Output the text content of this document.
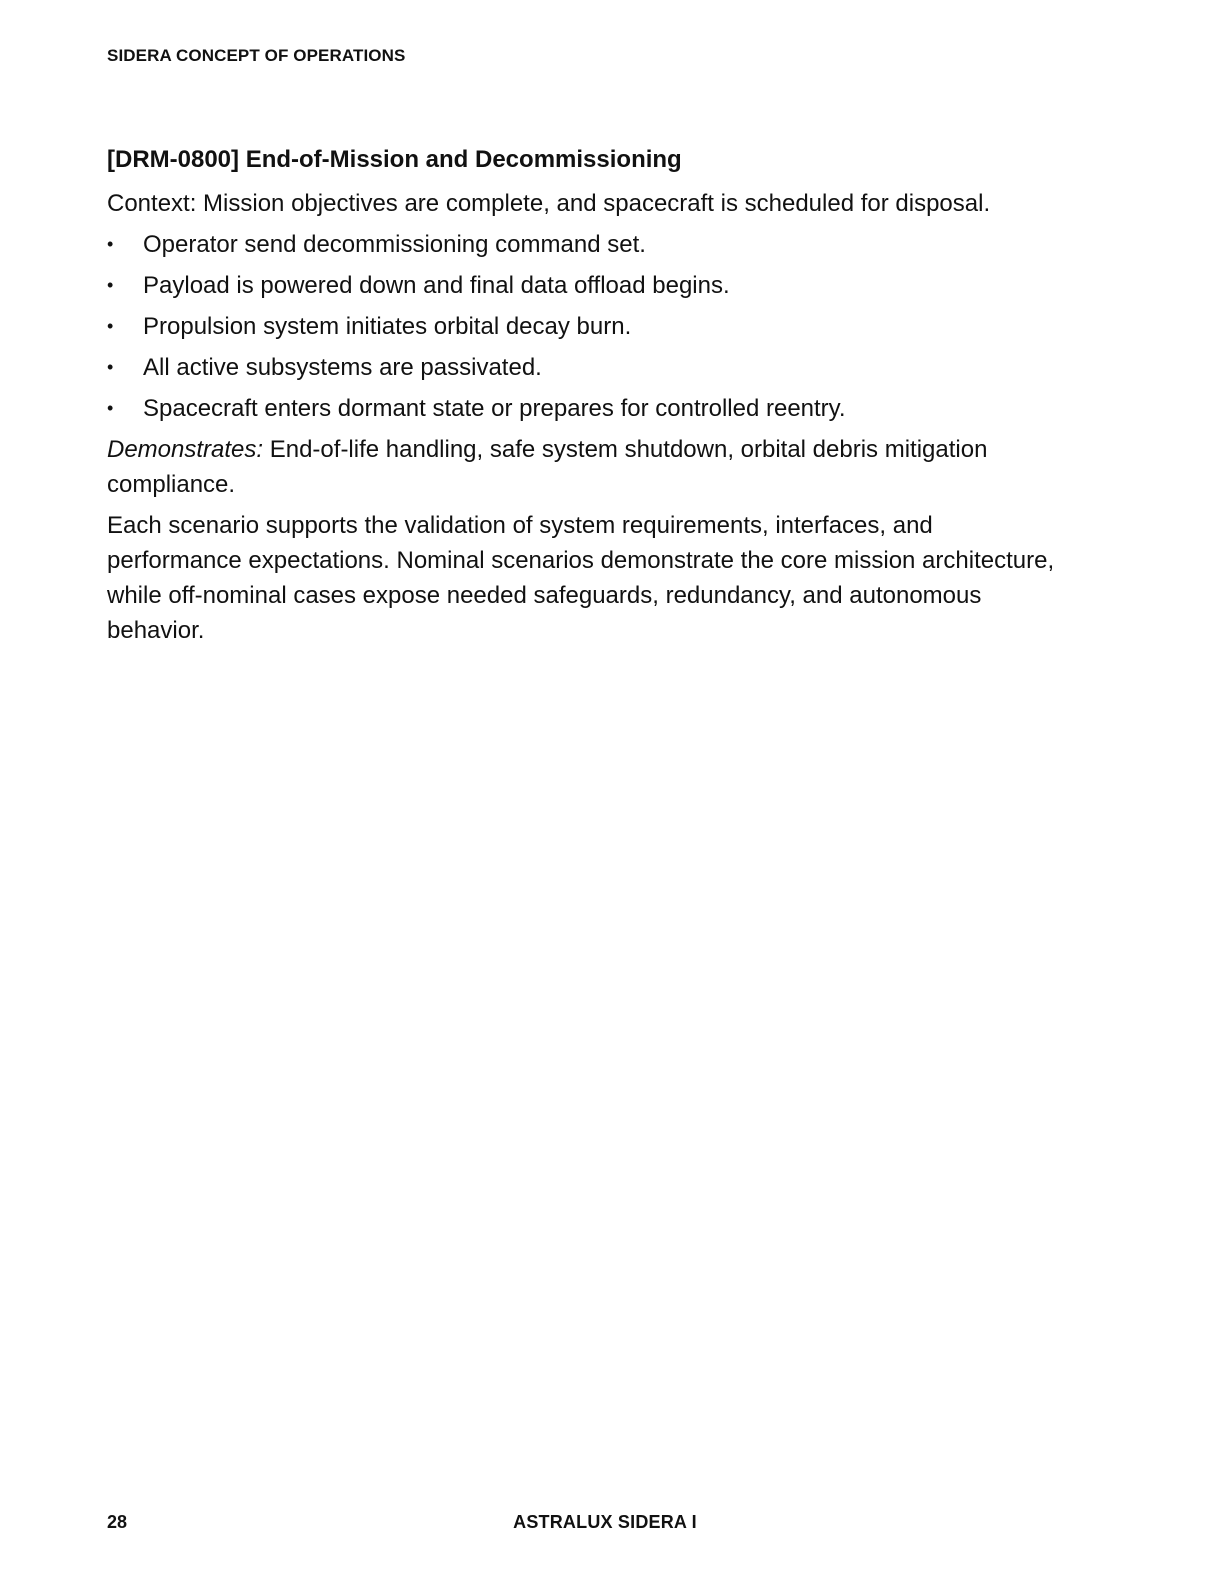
SIDERA CONCEPT OF OPERATIONS
[DRM-0800] End-of-Mission and Decommissioning

Context: Mission objectives are complete, and spacecraft is scheduled for disposal.

• Operator send decommissioning command set.
• Payload is powered down and final data offload begins.
• Propulsion system initiates orbital decay burn.
• All active subsystems are passivated.
• Spacecraft enters dormant state or prepares for controlled reentry.

Demonstrates: End-of-life handling, safe system shutdown, orbital debris mitigation compliance.

Each scenario supports the validation of system requirements, interfaces, and performance expectations. Nominal scenarios demonstrate the core mission architecture, while off-nominal cases expose needed safeguards, redundancy, and autonomous behavior.

28	ASTRALUX SIDERA I
